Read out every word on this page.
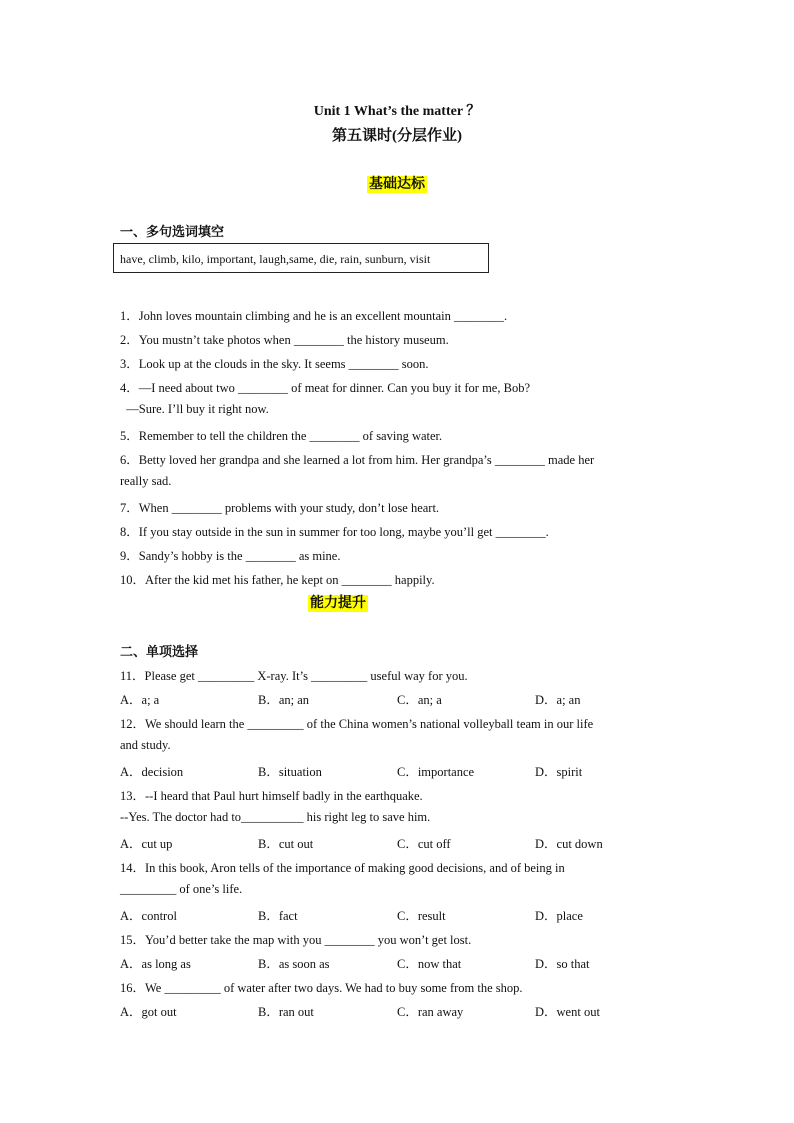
Unit 1 What’s the matter ？
第五课时(分层作业)
基础达标
一、多句选词填空
have, climb, kilo, important, laugh,same, die, rain, sunburn, visit
1．John loves mountain climbing and he is an excellent mountain ________.
2．You mustn’t take photos when ________ the history museum.
3．Look up at the clouds in the sky. It seems ________ soon.
4．—I need about two ________ of meat for dinner. Can you buy it for me, Bob?
—Sure. I’ll buy it right now.
5．Remember to tell the children the ________ of saving water.
6．Betty loved her grandpa and she learned a lot from him. Her grandpa’s ________ made her
really sad.
7．When ________ problems with your study, don’t lose heart.
8．If you stay outside in the sun in summer for too long, maybe you’ll get ________.
9．Sandy’s hobby is the ________ as mine.
10．After the kid met his father, he kept on ________ happily.
能力提升
二、单项选择
11．Please get _________ X-ray. It’s _________ useful way for you.
A．a; a	B．an; an	C．an; a	D．a; an
12．We should learn the _________ of the China women’s national volleyball team in our life
and study.
A．decision	B．situation	C．importance	D．spirit
13．--I heard that Paul hurt himself badly in the earthquake.
--Yes. The doctor had to__________ his right leg to save him.
A．cut up	B．cut out	C．cut off	D．cut down
14．In this book, Aron tells of the importance of making good decisions, and of being in
_________ of one’s life.
A．control	B．fact	C．result	D．place
15．You’d better take the map with you ________ you won’t get lost.
A．as long as	B．as soon as	C．now that	D．so that
16．We _________ of water after two days. We had to buy some from the shop.
A．got out	B．ran out	C．ran away	D．went out
